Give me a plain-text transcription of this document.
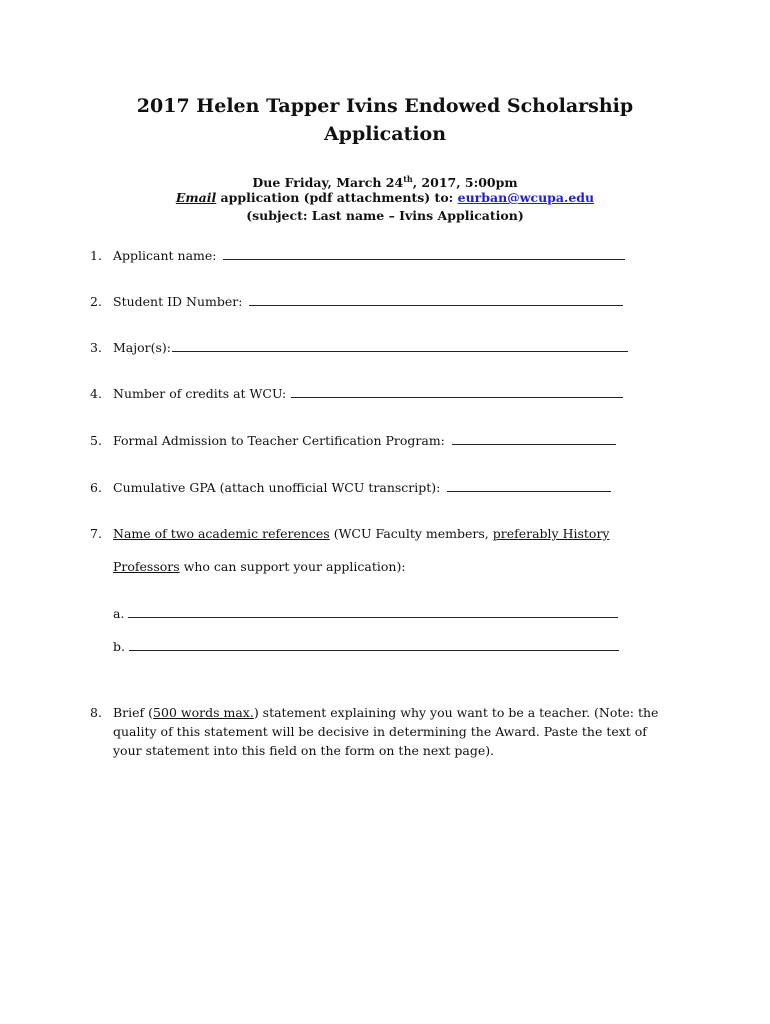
2017 Helen Tapper Ivins Endowed Scholarship
Application
Due Friday, March 24th, 2017, 5:00pm
Email application (pdf attachments) to: eurban@wcupa.edu
(subject: Last name – Ivins Application)
1. Applicant name:
2. Student ID Number:
3. Major(s):
4. Number of credits at WCU:
5. Formal Admission to Teacher Certification Program:
6. Cumulative GPA (attach unofficial WCU transcript):
7. Name of two academic references (WCU Faculty members, preferably History
Professors who can support your application):
a.
b.
8. Brief (500 words max.) statement explaining why you want to be a teacher. (Note: the quality of this statement will be decisive in determining the Award. Paste the text of your statement into this field on the form on the next page).
